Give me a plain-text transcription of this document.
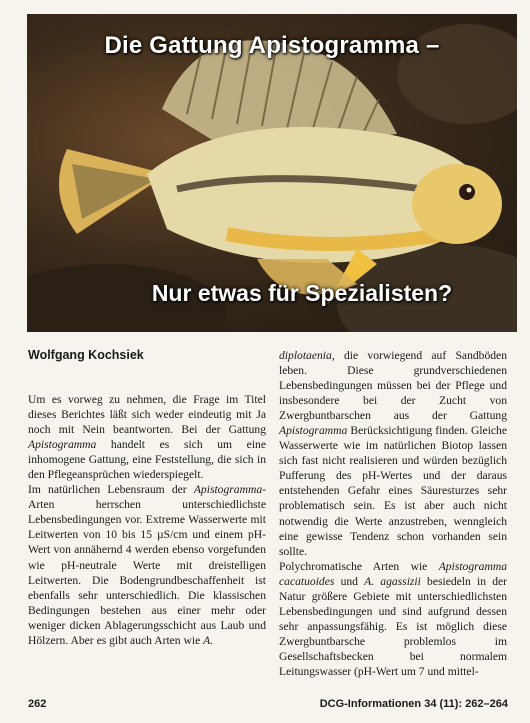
Die Gattung Apistogramma –
Nur etwas für Spezialisten?

Wolfgang Kochsiek

Um es vorweg zu nehmen, die Frage im Titel dieses Berichtes läßt sich weder eindeutig mit Ja noch mit Nein beantworten. Bei der Gattung Apistogramma handelt es sich um eine inhomogene Gattung, eine Feststellung, die sich in den Pflegeansprüchen wiederspiegelt.

Im natürlichen Lebensraum der Apistogramma-Arten herrschen unterschiedlichste Lebensbedingungen vor. Extreme Wasserwerte mit Leitwerten von 10 bis 15 µS/cm und einem pH-Wert von annähernd 4 werden ebenso vorgefunden wie pH-neutrale Werte mit dreistelligen Leitwerten. Die Bodengrundbeschaffenheit ist ebenfalls sehr unterschiedlich. Die klassischen Bedingungen bestehen aus einer mehr oder weniger dicken Ablagerungsschicht aus Laub und Hölzern. Aber es gibt auch Arten wie A.

diplotaenia, die vorwiegend auf Sandböden leben. Diese grundverschiedenen Lebensbedingungen müssen bei der Pflege und insbesondere bei der Zucht von Zwergbuntbarschen aus der Gattung Apistogramma Berücksichtigung finden. Gleiche Wasserwerte wie im natürlichen Biotop lassen sich fast nicht realisieren und würden bezüglich Pufferung des pH-Wertes und der daraus entstehenden Gefahr eines Säuresturzes sehr problematisch sein. Es ist aber auch nicht notwendig die Werte anzustreben, wenngleich eine gewisse Tendenz schon vorhanden sein sollte.

Polychromatische Arten wie Apistogramma cacatuoides und A. agassizii besiedeln in der Natur größere Gebiete mit unterschiedlichsten Lebensbedingungen und sind aufgrund dessen sehr anpassungsfähig. Es ist möglich diese Zwergbuntbarsche problemlos im Gesellschaftsbecken bei normalem Leitungswasser (pH-Wert um 7 und mittel-

262	DCG-Informationen 34 (11): 262–264
